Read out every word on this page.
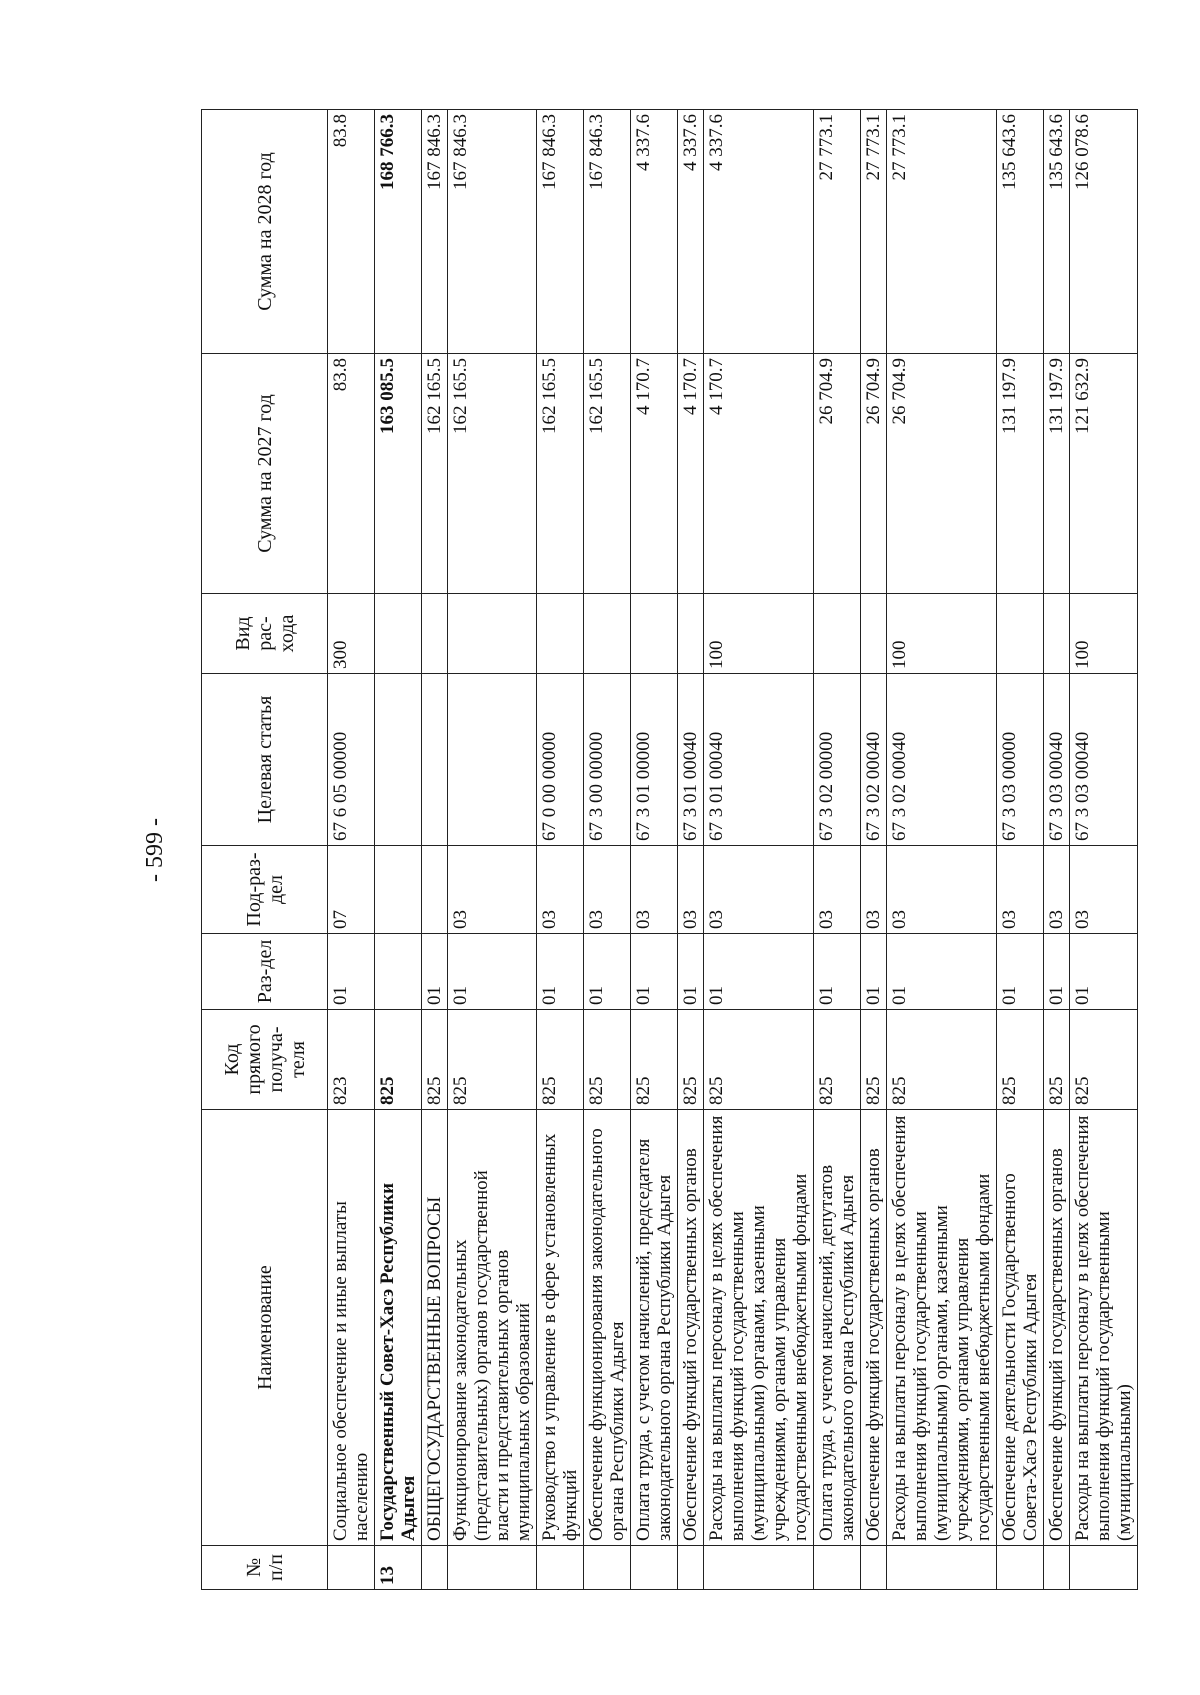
- 599 -
№ п/п	Наименование	Код прямого получа-теля	Раз-дел	Под-раз-дел	Целевая статья	Вид рас-хода	Сумма на 2027 год	Сумма на 2028 год
	Социальное обеспечение и иные выплаты населению	823	01	07	67 6 05 00000	300	83.8	83.8
13	Государственный Совет-Хасэ Республики Адыгея	825					163 085.5	168 766.3
	ОБЩЕГОСУДАРСТВЕННЫЕ ВОПРОСЫ	825	01				162 165.5	167 846.3
	Функционирование законодательных (представительных) органов государственной власти и представительных органов муниципальных образований	825	01	03			162 165.5	167 846.3
	Руководство и управление в сфере установленных функций	825	01	03	67 0 00 00000		162 165.5	167 846.3
	Обеспечение функционирования законодательного органа Республики Адыгея	825	01	03	67 3 00 00000		162 165.5	167 846.3
	Оплата труда, с учетом начислений, председателя законодательного органа Республики Адыгея	825	01	03	67 3 01 00000		4 170.7	4 337.6
	Обеспечение функций государственных органов	825	01	03	67 3 01 00040		4 170.7	4 337.6
	Расходы на выплаты персоналу в целях обеспечения выполнения функций государственными (муниципальными) органами, казенными учреждениями, органами управления государственными внебюджетными фондами	825	01	03	67 3 01 00040	100	4 170.7	4 337.6
	Оплата труда, с учетом начислений, депутатов законодательного органа Республики Адыгея	825	01	03	67 3 02 00000		26 704.9	27 773.1
	Обеспечение функций государственных органов	825	01	03	67 3 02 00040		26 704.9	27 773.1
	Расходы на выплаты персоналу в целях обеспечения выполнения функций государственными (муниципальными) органами, казенными учреждениями, органами управления государственными внебюджетными фондами	825	01	03	67 3 02 00040	100	26 704.9	27 773.1
	Обеспечение деятельности Государственного Совета-Хасэ Республики Адыгея	825	01	03	67 3 03 00000		131 197.9	135 643.6
	Обеспечение функций государственных органов	825	01	03	67 3 03 00040		131 197.9	135 643.6
	Расходы на выплаты персоналу в целях обеспечения выполнения функций государственными (муниципальными)	825	01	03	67 3 03 00040	100	121 632.9	126 078.6
